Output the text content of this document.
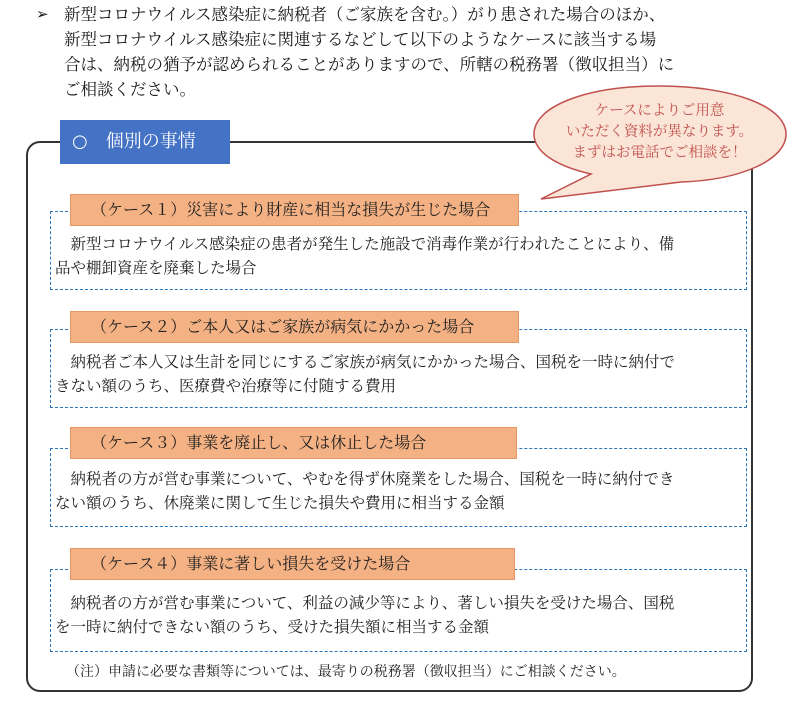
➢ 新型コロナウイルス感染症に納税者（ご家族を含む。）がり患された場合のほか、
新型コロナウイルス感染症に関連するなどして以下のようなケースに該当する場
合は、納税の猶予が認められることがありますので、所轄の税務署（徴収担当）に
ご相談ください。
○　個別の事情
ケースによりご用意
いただく資料が異なります。
まずはお電話でご相談を！
（ケース１）災害により財産に相当な損失が生じた場合
　新型コロナウイルス感染症の患者が発生した施設で消毒作業が行われたことにより、備
品や棚卸資産を廃棄した場合
（ケース２）ご本人又はご家族が病気にかかった場合
　納税者ご本人又は生計を同じにするご家族が病気にかかった場合、国税を一時に納付で
きない額のうち、医療費や治療等に付随する費用
（ケース３）事業を廃止し、又は休止した場合
　納税者の方が営む事業について、やむを得ず休廃業をした場合、国税を一時に納付でき
ない額のうち、休廃業に関して生じた損失や費用に相当する金額
（ケース４）事業に著しい損失を受けた場合
　納税者の方が営む事業について、利益の減少等により、著しい損失を受けた場合、国税
を一時に納付できない額のうち、受けた損失額に相当する金額
（注）申請に必要な書類等については、最寄りの税務署（徴収担当）にご相談ください。
